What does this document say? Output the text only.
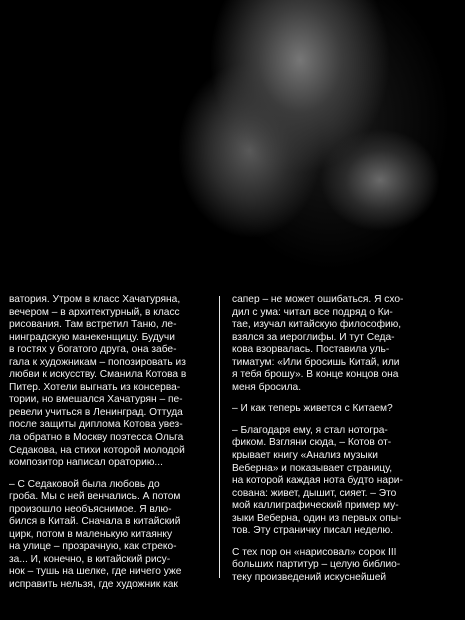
ватория. Утром в класс Хачатуряна,
вечером – в архитектурный, в класс
рисования. Там встретил Таню, ле-
нинградскую манекенщицу. Будучи
в гостях у богатого друга, она забе-
гала к художникам – попозировать из
любви к искусству. Сманила Котова в
Питер. Хотели выгнать из консерва-
тории, но вмешался Хачатурян – пе-
ревели учиться в Ленинград. Оттуда
после защиты диплома Котова увез-
ла обратно в Москву поэтесса Ольга
Седакова, на стихи которой молодой
композитор написал ораторию...

– С Седаковой была любовь до
гроба. Мы с ней венчались. А потом
произошло необъяснимое. Я влю-
бился в Китай. Сначала в китайский
цирк, потом в маленькую китаянку
на улице – прозрачную, как стреко-
за... И, конечно, в китайский рису-
нок – тушь на шелке, где ничего уже
исправить нельзя, где художник как

сапер – не может ошибаться. Я схо-
дил с ума: читал все подряд о Ки-
тае, изучал китайскую философию,
взялся за иероглифы. И тут Седа-
кова взорвалась. Поставила уль-
тиматум: «Или бросишь Китай, или
я тебя брошу». В конце концов она
меня бросила.

– И как теперь живется с Китаем?

– Благодаря ему, я стал нотогра-
фиком. Взгляни сюда, – Котов от-
крывает книгу «Анализ музыки
Веберна» и показывает страницу,
на которой каждая нота будто нари-
сована: живет, дышит, сияет. – Это
мой каллиграфический пример му-
зыки Веберна, один из первых опы-
тов. Эту страничку писал неделю.

С тех пор он «нарисовал» сорок III
больших партитур – целую библио-
теку произведений искуснейшей
